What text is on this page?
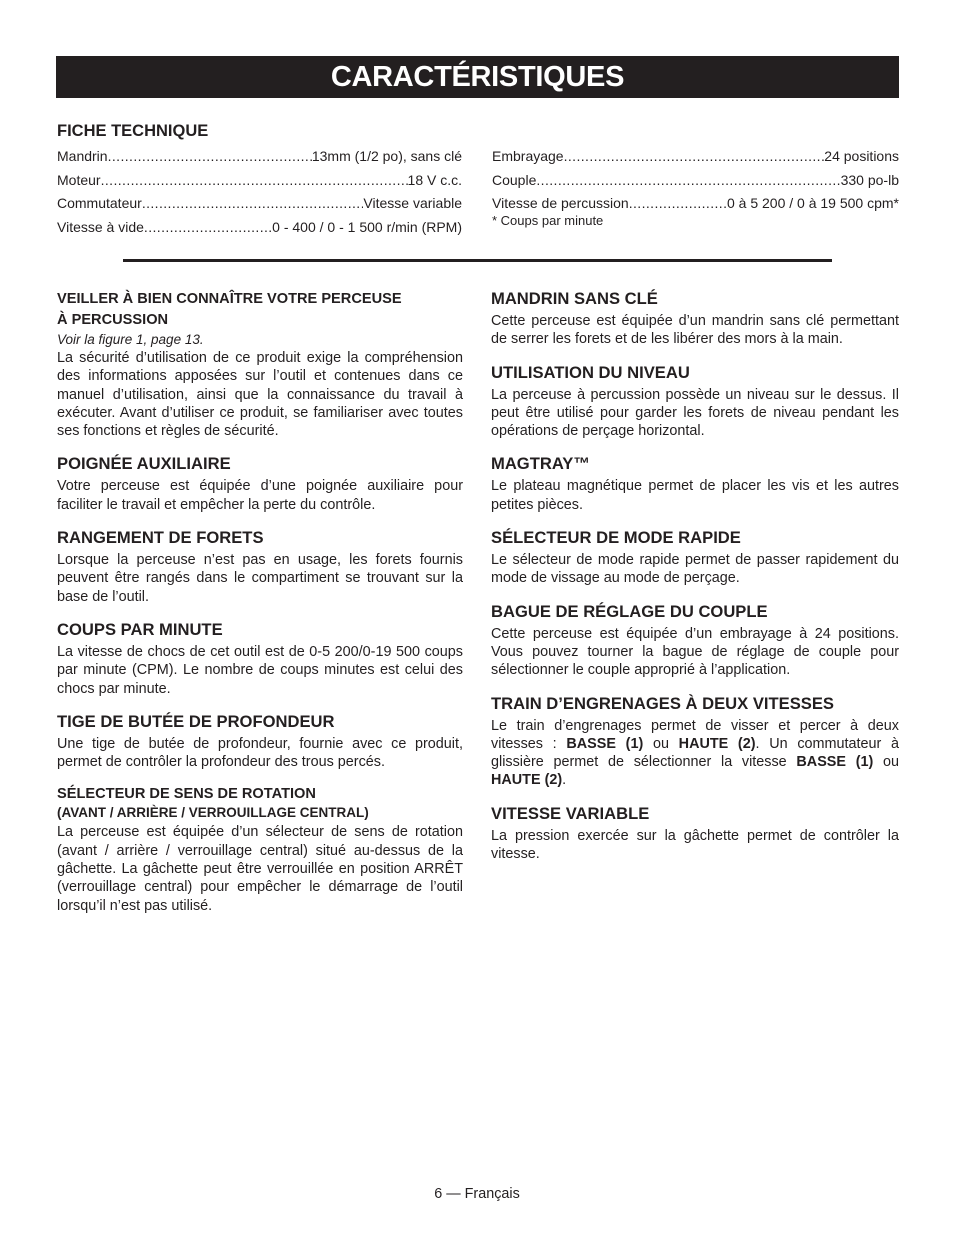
CARACTÉRISTIQUES
FICHE TECHNIQUE
Mandrin .....	13mm (1/2 po), sans clé
Moteur .....	18 V c.c.
Commutateur .....	Vitesse variable
Vitesse à vide .....	0 - 400 / 0 - 1 500 r/min (RPM)
Embrayage .....	24 positions
Couple .....	330 po-lb
Vitesse de percussion .....	0 à 5 200 / 0 à 19 500 cpm*
* Coups par minute
VEILLER À BIEN CONNAÎTRE VOTRE PERCEUSE
À PERCUSSION
Voir la figure 1, page 13.

La sécurité d’utilisation de ce produit exige la compréhension des informations apposées sur l’outil et contenues dans ce manuel d’utilisation, ainsi que la connaissance du travail à exécuter. Avant d’utiliser ce produit, se familiariser avec toutes ses fonctions et règles de sécurité.

POIGNÉE AUXILIAIRE

Votre perceuse est équipée d’une poignée auxiliaire pour faciliter le travail et empêcher la perte du contrôle.

RANGEMENT DE FORETS

Lorsque la perceuse n’est pas en usage, les forets fournis peuvent être rangés dans le compartiment se trouvant sur la base de l’outil.

COUPS PAR MINUTE

La vitesse de chocs de cet outil est de 0-5 200/0-19 500 coups par minute (CPM). Le nombre de coups minutes est celui des chocs par minute.

TIGE DE BUTÉE DE PROFONDEUR

Une tige de butée de profondeur, fournie avec ce produit, permet de contrôler la profondeur des trous percés.

SÉLECTEUR DE SENS DE ROTATION
(AVANT / ARRIÈRE / VERROUILLAGE CENTRAL)

La perceuse est équipée d’un sélecteur de sens de rotation (avant / arrière / verrouillage central) situé au-dessus de la gâchette. La gâchette peut être verrouillée en position ARRÊT (verrouillage central) pour empêcher le démarrage de l’outil lorsqu’il n’est pas utilisé.

MANDRIN SANS CLÉ

Cette perceuse est équipée d’un mandrin sans clé permettant de serrer les forets et de les libérer des mors à la main.

UTILISATION DU NIVEAU

La perceuse à percussion possède un niveau sur le dessus. Il peut être utilisé pour garder les forets de niveau pendant les opérations de perçage horizontal.

MAGTRAY™

Le plateau magnétique permet de placer les vis et les autres petites pièces.

SÉLECTEUR DE MODE RAPIDE

Le sélecteur de mode rapide permet de passer rapidement du mode de vissage au mode de perçage.

BAGUE DE RÉGLAGE DU COUPLE

Cette perceuse est équipée d’un embrayage à 24 positions. Vous pouvez tourner la bague de réglage de couple pour sélectionner le couple approprié à l’application.

TRAIN D’ENGRENAGES À DEUX VITESSES

Le train d’engrenages permet de visser et percer à deux vitesses : BASSE (1) ou HAUTE (2). Un commutateur à glissière permet de sélectionner la vitesse BASSE (1) ou HAUTE (2).

VITESSE VARIABLE

La pression exercée sur la gâchette permet de contrôler la vitesse.

6 — Français
